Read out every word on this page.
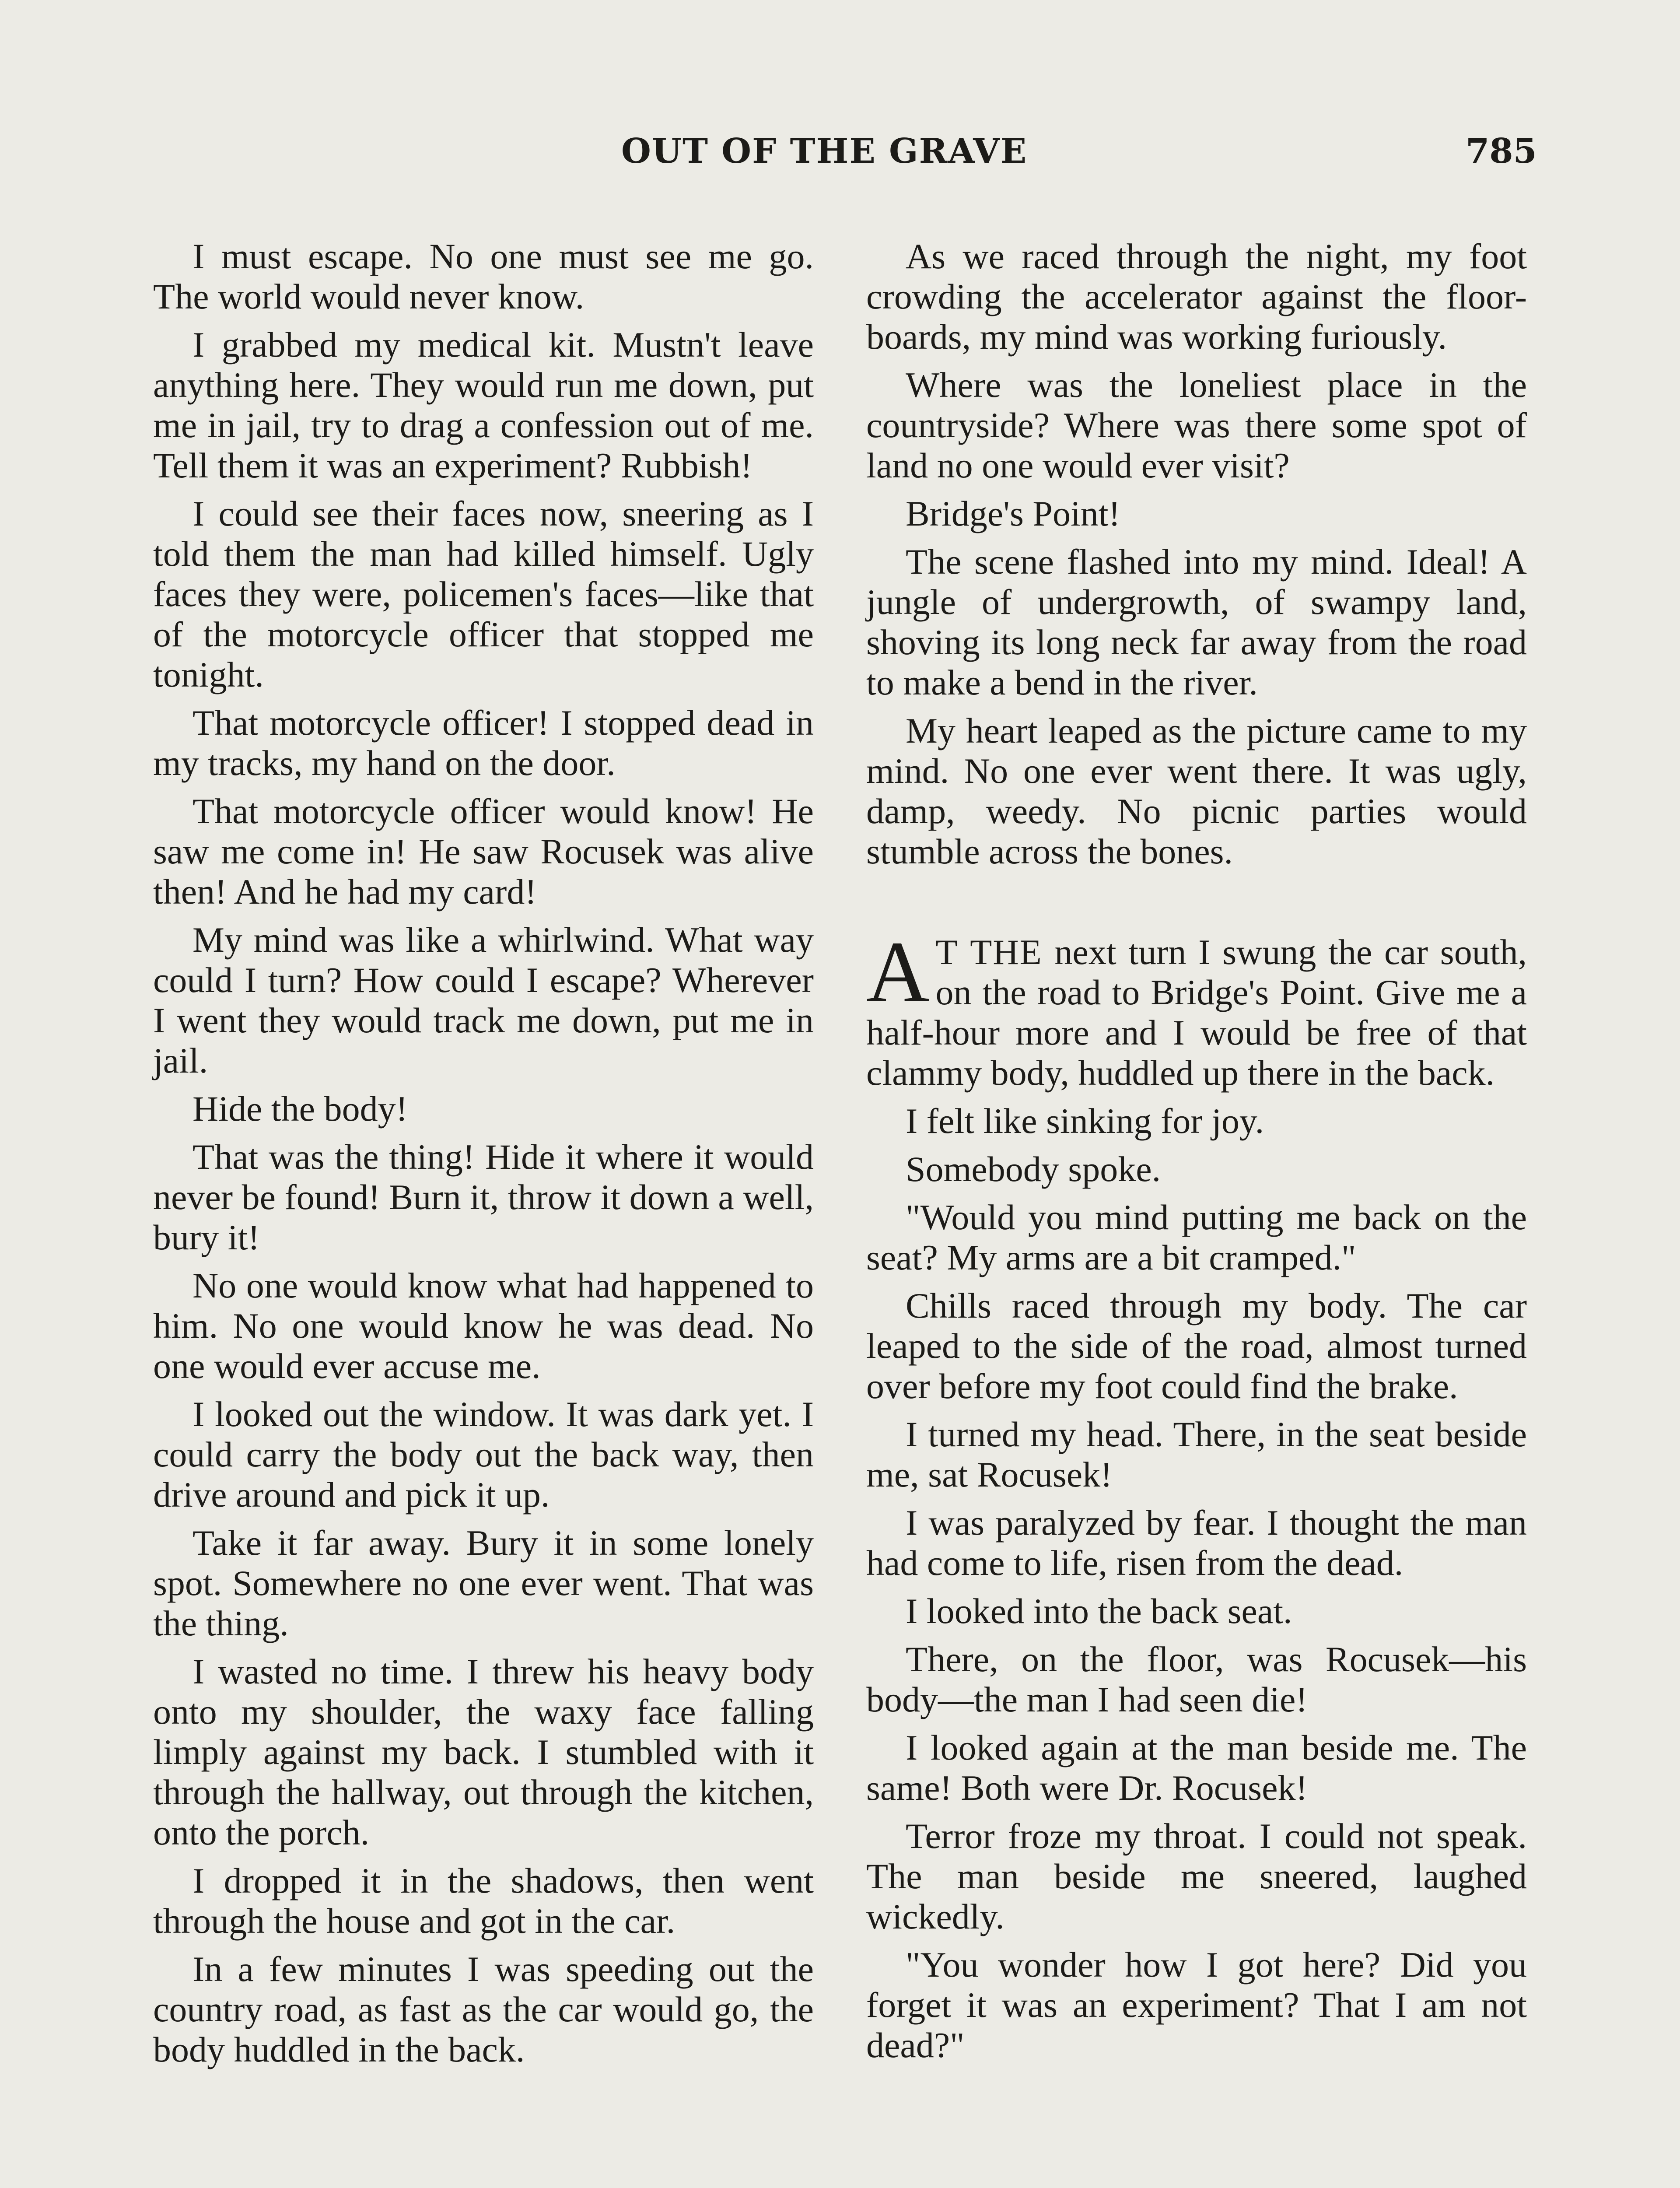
OUT OF THE GRAVE	785

I must escape. No one must see me go. The world would never know.

I grabbed my medical kit. Mustn't leave anything here. They would run me down, put me in jail, try to drag a confession out of me. Tell them it was an experiment? Rubbish!

I could see their faces now, sneering as I told them the man had killed himself. Ugly faces they were, policemen's faces—like that of the motorcycle officer that stopped me tonight.

That motorcycle officer! I stopped dead in my tracks, my hand on the door.

That motorcycle officer would know! He saw me come in! He saw Rocusek was alive then! And he had my card!

My mind was like a whirlwind. What way could I turn? How could I escape? Wherever I went they would track me down, put me in jail.

Hide the body!

That was the thing! Hide it where it would never be found! Burn it, throw it down a well, bury it!

No one would know what had happened to him. No one would know he was dead. No one would ever accuse me.

I looked out the window. It was dark yet. I could carry the body out the back way, then drive around and pick it up.

Take it far away. Bury it in some lonely spot. Somewhere no one ever went. That was the thing.

I wasted no time. I threw his heavy body onto my shoulder, the waxy face falling limply against my back. I stumbled with it through the hallway, out through the kitchen, onto the porch.

I dropped it in the shadows, then went through the house and got in the car.

In a few minutes I was speeding out the country road, as fast as the car would go, the body huddled in the back.

As we raced through the night, my foot crowding the accelerator against the floor-boards, my mind was working furiously.

Where was the loneliest place in the countryside? Where was there some spot of land no one would ever visit?

Bridge's Point!

The scene flashed into my mind. Ideal! A jungle of undergrowth, of swampy land, shoving its long neck far away from the road to make a bend in the river.

My heart leaped as the picture came to my mind. No one ever went there. It was ugly, damp, weedy. No picnic parties would stumble across the bones.

A T THE next turn I swung the car south, on the road to Bridge's Point. Give me a half-hour more and I would be free of that clammy body, huddled up there in the back.

I felt like sinking for joy.

Somebody spoke.

"Would you mind putting me back on the seat? My arms are a bit cramped."

Chills raced through my body. The car leaped to the side of the road, almost turned over before my foot could find the brake.

I turned my head. There, in the seat beside me, sat Rocusek!

I was paralyzed by fear. I thought the man had come to life, risen from the dead.

I looked into the back seat.

There, on the floor, was Rocusek—his body—the man I had seen die!

I looked again at the man beside me. The same! Both were Dr. Rocusek!

Terror froze my throat. I could not speak. The man beside me sneered, laughed wickedly.

"You wonder how I got here? Did you forget it was an experiment? That I am not dead?"
